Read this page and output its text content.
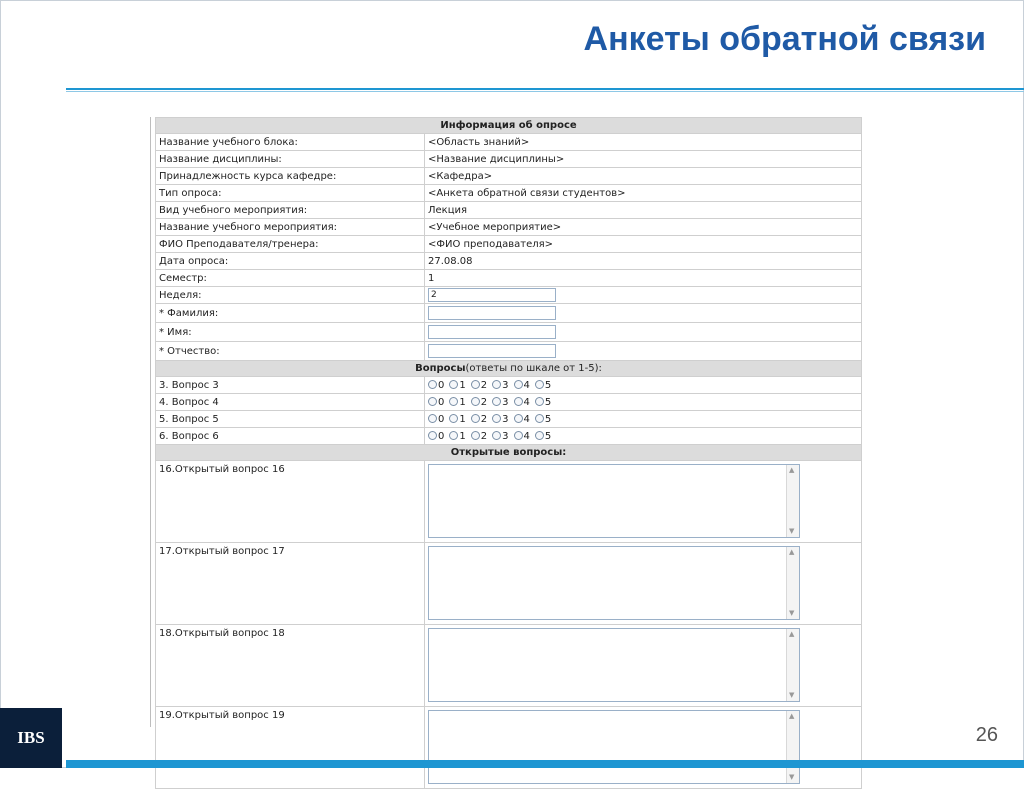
Анкеты обратной связи
Информация об опросе	
Название учебного блока:	<Область знаний>
Название дисциплины:	<Название дисциплины>
Принадлежность курса кафедре:	<Кафедра>
Тип опроса:	<Анкета обратной связи студентов>
Вид учебного мероприятия:	Лекция
Название учебного мероприятия:	<Учебное мероприятие>
ФИО Преподавателя/тренера:	<ФИО преподавателя>
Дата опроса:	27.08.08
Семестр:	1
Неделя:	2
* Фамилия:	
* Имя:	
* Отчество:	
Вопросы(ответы по шкале от 1-5):	
3. Вопрос 3	0 1 2 3 4 5
4. Вопрос 4	0 1 2 3 4 5
5. Вопрос 5	0 1 2 3 4 5
6. Вопрос 6	0 1 2 3 4 5
Открытые вопросы:	
16.Открытый вопрос 16	▲
▼

17.Открытый вопрос 17	▲
▼

18.Открытый вопрос 18	▲
▼

19.Открытый вопрос 19	▲
▼
IBS	26
